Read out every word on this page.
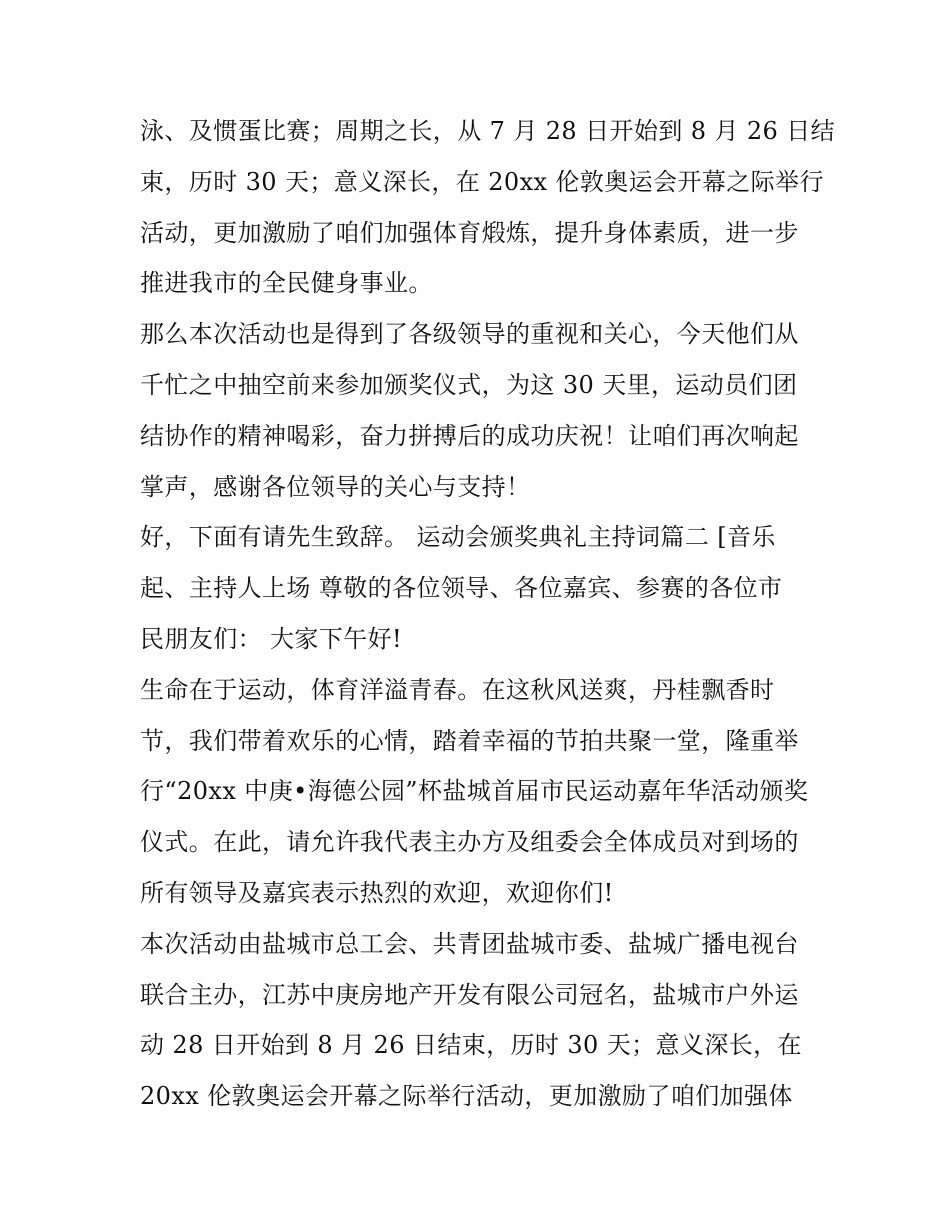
泳、及惯蛋比赛；周期之长，从 7 月 28 日开始到 8 月 26 日结
束，历时 30 天；意义深长，在 20xx 伦敦奥运会开幕之际举行
活动，更加激励了咱们加强体育煅炼，提升身体素质，进一步
推进我市的全民健身事业。
那么本次活动也是得到了各级领导的重视和关心，今天他们从
千忙之中抽空前来参加颁奖仪式，为这 30 天里，运动员们团
结协作的精神喝彩，奋力拼搏后的成功庆祝！让咱们再次响起
掌声，感谢各位领导的关心与支持！
好，下面有请先生致辞。 运动会颁奖典礼主持词篇二 [音乐
起、主持人上场 尊敬的各位领导、各位嘉宾、参赛的各位市
民朋友们： 大家下午好!
生命在于运动，体育洋溢青春。在这秋风送爽，丹桂飘香时
节，我们带着欢乐的心情，踏着幸福的节拍共聚一堂，隆重举
行“20xx 中庚•海德公园”杯盐城首届市民运动嘉年华活动颁奖
仪式。在此，请允许我代表主办方及组委会全体成员对到场的
所有领导及嘉宾表示热烈的欢迎，欢迎你们!
本次活动由盐城市总工会、共青团盐城市委、盐城广播电视台
联合主办，江苏中庚房地产开发有限公司冠名，盐城市户外运
动 28 日开始到 8 月 26 日结束，历时 30 天；意义深长，在
20xx 伦敦奥运会开幕之际举行活动，更加激励了咱们加强体
